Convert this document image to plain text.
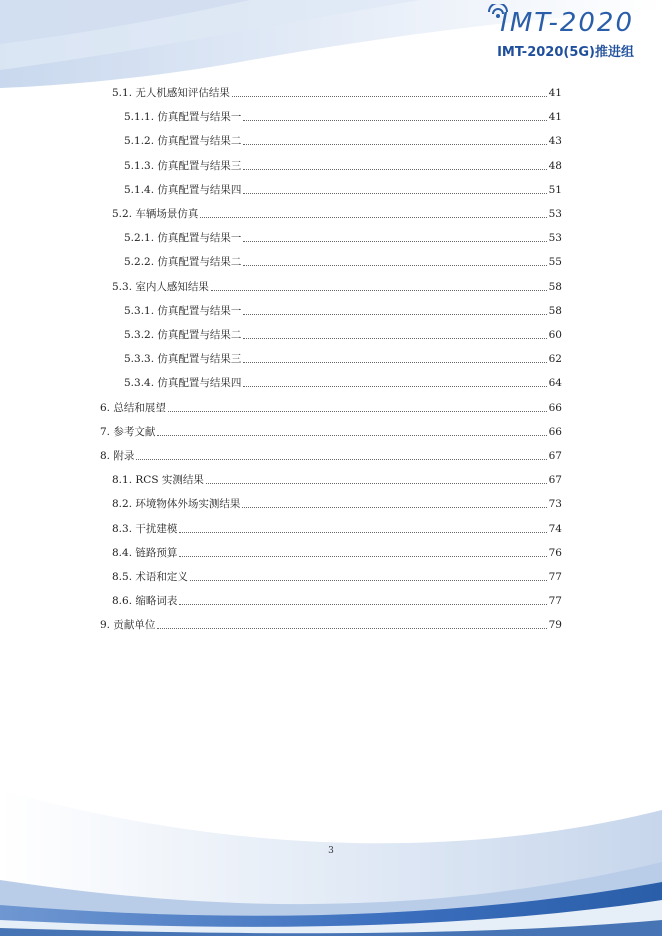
IMT-2020
IMT-2020(5G)推进组
5.1. 无人机感知评估结果	41
5.1.1. 仿真配置与结果一	41
5.1.2. 仿真配置与结果二	43
5.1.3. 仿真配置与结果三	48
5.1.4. 仿真配置与结果四	51
5.2. 车辆场景仿真	53
5.2.1. 仿真配置与结果一	53
5.2.2. 仿真配置与结果二	55
5.3. 室内人感知结果	58
5.3.1. 仿真配置与结果一	58
5.3.2. 仿真配置与结果二	60
5.3.3. 仿真配置与结果三	62
5.3.4. 仿真配置与结果四	64
6. 总结和展望	66
7. 参考文献	66
8. 附录	67
8.1. RCS 实测结果	67
8.2. 环境物体外场实测结果	73
8.3. 干扰建模	74
8.4. 链路预算	76
8.5. 术语和定义	77
8.6. 缩略词表	77
9. 贡献单位	79
3
